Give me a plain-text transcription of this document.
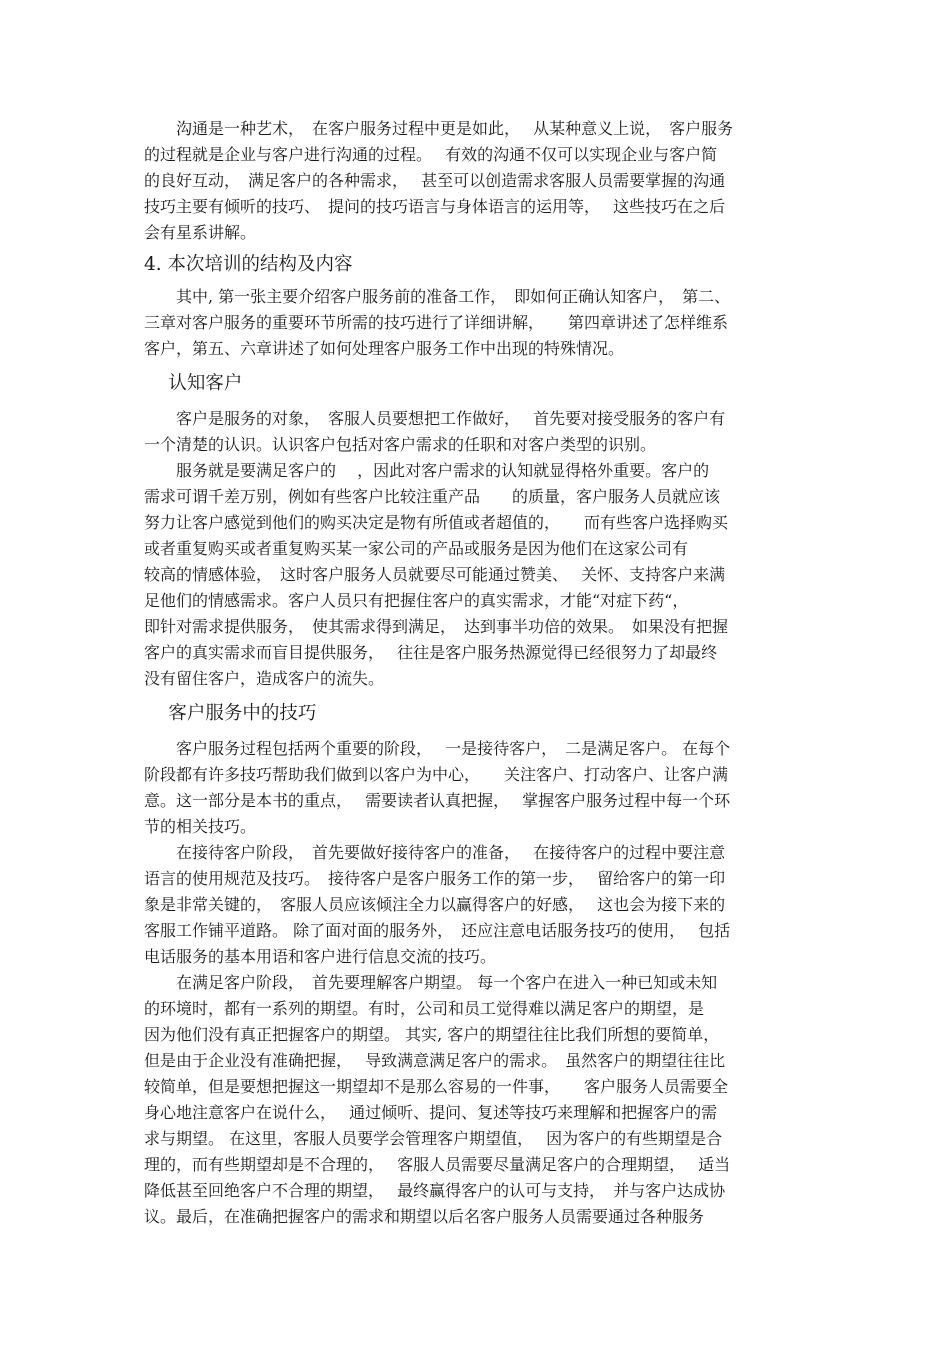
　　沟通是一种艺术，　在客户服务过程中更是如此，　 从某种意义上说，　客户服务
的过程就是企业与客户进行沟通的过程。　 有效的沟通不仅可以实现企业与客户简
的良好互动，　满足客户的各种需求，　 甚至可以创造需求客服人员需要掌握的沟通
技巧主要有倾听的技巧、　提问的技巧语言与身体语言的运用等，　 这些技巧在之后
会有星系讲解。
4. 本次培训的结构及内容
　　其中, 第一张主要介绍客户服务前的准备工作，　即如何正确认知客户，　第二、
三章对客户服务的重要环节所需的技巧进行了详细讲解，　　第四章讲述了怎样维系
客户，第五、六章讲述了如何处理客户服务工作中出现的特殊情况。
　 认知客户
　　客户是服务的对象，　客服人员要想把工作做好，　 首先要对接受服务的客户有
一个清楚的认识。认识客户包括对客户需求的任职和对客户类型的识别。
　　服务就是要满足客户的　 ，因此对客户需求的认知就显得格外重要。客户的
需求可谓千差万别，例如有些客户比较注重产品　　的质量，客户服务人员就应该
努力让客户感觉到他们的购买决定是物有所值或者超值的，　　而有些客户选择购买
或者重复购买或者重复购买某一家公司的产品或服务是因为他们在这家公司有
较高的情感体验，　这时客户服务人员就要尽可能通过赞美、　 关怀、支持客户来满
足他们的情感需求。客户人员只有把握住客户的真实需求，才能“对症下药“，
即针对需求提供服务，　使其需求得到满足，　达到事半功倍的效果。　如果没有把握
客户的真实需求而盲目提供服务，　 往往是客户服务热源觉得已经很努力了却最终
没有留住客户，造成客户的流失。
　 客户服务中的技巧
　　客户服务过程包括两个重要的阶段，　 一是接待客户，　二是满足客户。 在每个
阶段都有许多技巧帮助我们做到以客户为中心，　　关注客户、打动客户、让客户满
意。这一部分是本书的重点，　 需要读者认真把握，　 掌握客户服务过程中每一个环
节的相关技巧。
　　在接待客户阶段，　首先要做好接待客户的准备，　 在接待客户的过程中要注意
语言的使用规范及技巧。　接待客户是客户服务工作的第一步，　 留给客户的第一印
象是非常关键的，　客服人员应该倾注全力以赢得客户的好感，　 这也会为接下来的
客服工作铺平道路。 除了面对面的服务外，　还应注意电话服务技巧的使用，　 包括
电话服务的基本用语和客户进行信息交流的技巧。
　　在满足客户阶段，　首先要理解客户期望。 每一个客户在进入一种已知或未知
的环境时，都有一系列的期望。有时，公司和员工觉得难以满足客户的期望，是
因为他们没有真正把握客户的期望。 其实, 客户的期望往往比我们所想的要简单，
但是由于企业没有准确把握，　 导致满意满足客户的需求。　虽然客户的期望往往比
较简单，但是要想把握这一期望却不是那么容易的一件事，　　客户服务人员需要全
身心地注意客户在说什么，　 通过倾听、提问、复述等技巧来理解和把握客户的需
求与期望。 在这里，客服人员要学会管理客户期望值，　 因为客户的有些期望是合
理的，而有些期望却是不合理的，　 客服人员需要尽量满足客户的合理期望，　 适当
降低甚至回绝客户不合理的期望，　 最终赢得客户的认可与支持，　并与客户达成协
议。最后，在准确把握客户的需求和期望以后名客户服务人员需要通过各种服务
